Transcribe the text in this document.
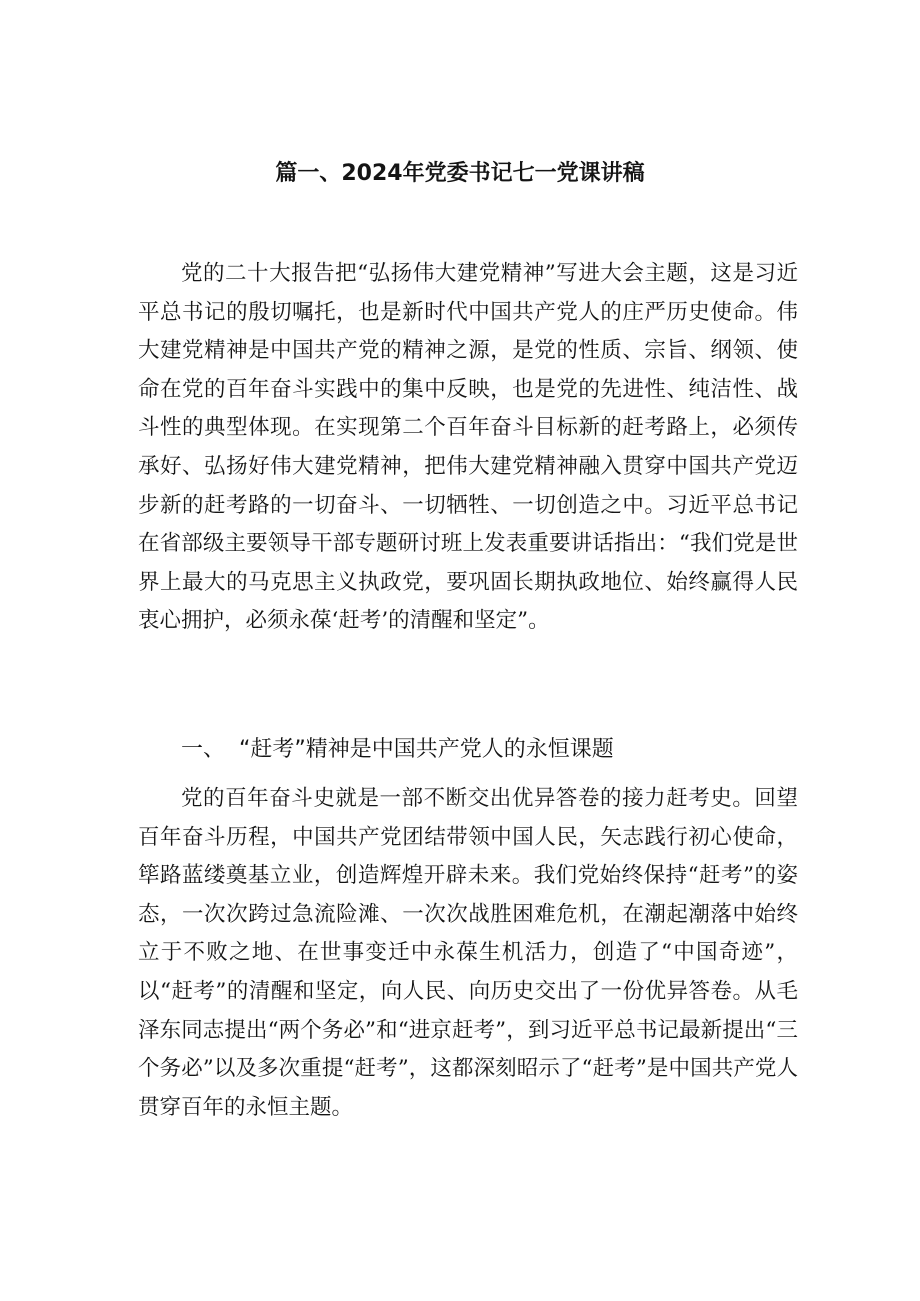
篇一、2024年党委书记七一党课讲稿

党的二十大报告把“弘扬伟大建党精神”写进大会主题，这是习近平总书记的殷切嘱托，也是新时代中国共产党人的庄严历史使命。伟大建党精神是中国共产党的精神之源，是党的性质、宗旨、纲领、使命在党的百年奋斗实践中的集中反映，也是党的先进性、纯洁性、战斗性的典型体现。在实现第二个百年奋斗目标新的赶考路上，必须传承好、弘扬好伟大建党精神，把伟大建党精神融入贯穿中国共产党迈步新的赶考路的一切奋斗、一切牺牲、一切创造之中。习近平总书记在省部级主要领导干部专题研讨班上发表重要讲话指出：“我们党是世界上最大的马克思主义执政党，要巩固长期执政地位、始终赢得人民衷心拥护，必须永葆‘赶考’的清醒和坚定”。

一、 “赶考”精神是中国共产党人的永恒课题

党的百年奋斗史就是一部不断交出优异答卷的接力赶考史。回望百年奋斗历程，中国共产党团结带领中国人民，矢志践行初心使命，筚路蓝缕奠基立业，创造辉煌开辟未来。我们党始终保持“赶考”的姿态，一次次跨过急流险滩、一次次战胜困难危机，在潮起潮落中始终立于不败之地、在世事变迁中永葆生机活力，创造了“中国奇迹”，以“赶考”的清醒和坚定，向人民、向历史交出了一份优异答卷。从毛泽东同志提出“两个务必”和“进京赶考”，到习近平总书记最新提出“三个务必”以及多次重提“赶考”，这都深刻昭示了“赶考”是中国共产党人贯穿百年的永恒主题。
